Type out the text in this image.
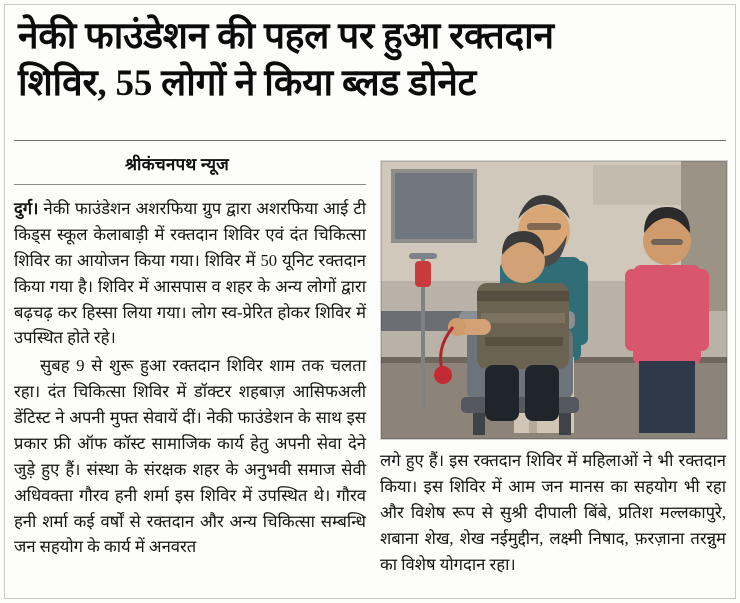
नेकी फाउंडेशन की पहल पर हुआ रक्तदान
शिविर, 55 लोगों ने किया ब्लड डोनेट
श्रीकंचनपथ न्यूज

दुर्ग। नेकी फाउंडेशन अशरफिया ग्रुप द्वारा अशरफिया आई टी किड्स स्कूल केलाबाड़ी में रक्तदान शिविर एवं दंत चिकित्सा शिविर का आयोजन किया गया। शिविर में 50 यूनिट रक्तदान किया गया है। शिविर में आसपास व शहर के अन्य लोगों द्वारा बढ़चढ़ कर हिस्सा लिया गया। लोग स्व-प्रेरित होकर शिविर में उपस्थित होते रहे।

सुबह 9 से शुरू हुआ रक्तदान शिविर शाम तक चलता रहा। दंत चिकित्सा शिविर में डॉक्टर शहबाज़ आसिफअली डेंटिस्ट ने अपनी मुफ्त सेवायें दीं। नेकी फाउंडेशन के साथ इस प्रकार फ्री ऑफ कॉस्ट सामाजिक कार्य हेतु अपनी सेवा देने जुड़े हुए हैं। संस्था के संरक्षक शहर के अनुभवी समाज सेवी अधिवक्ता गौरव हनी शर्मा इस शिविर में उपस्थित थे। गौरव हनी शर्मा कई वर्षों से रक्तदान और अन्य चिकित्सा सम्बन्धि जन सहयोग के कार्य में अनवरत

लगे हुए हैं। इस रक्तदान शिविर में महिलाओं ने भी रक्तदान किया। इस शिविर में आम जन मानस का सहयोग भी रहा और विशेष रूप से सुश्री दीपाली बिंबे, प्रतिश मल्लकापुरे, शबाना शेख, शेख नईमुद्दीन, लक्ष्मी निषाद, फ़रज़ाना तरन्नुम का विशेष योगदान रहा।
